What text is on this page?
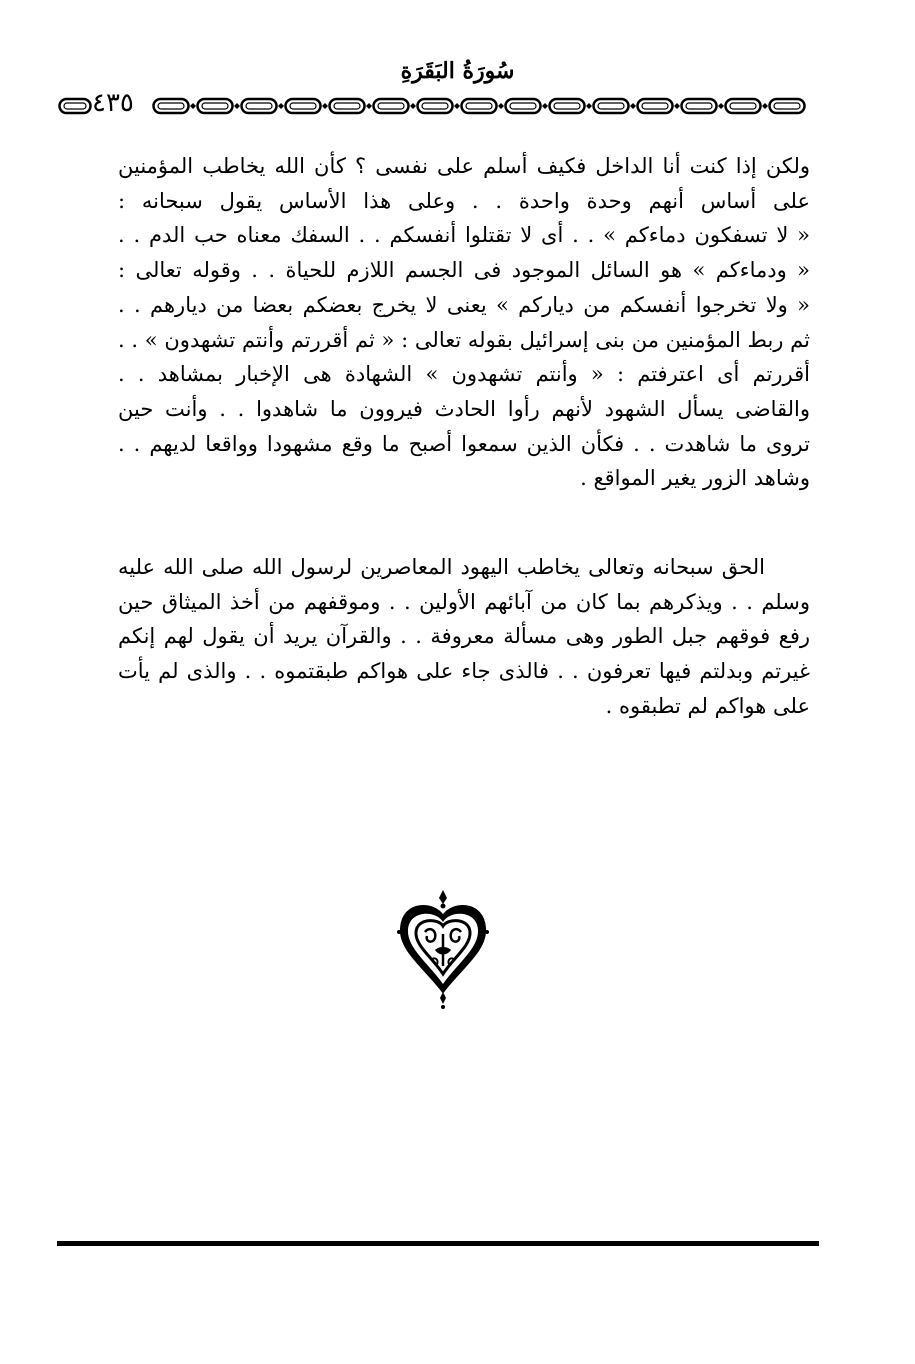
سُورَةُ البَقَرَةِ
٤٣٥
ولكن إذا كنت أنا الداخل فكيف أسلم على نفسى ؟ كأن الله يخاطب المؤمنين
على أساس أنهم وحدة واحدة . . وعلى هذا الأساس يقول سبحانه :
« لا تسفكون دماءكم » . . أى لا تقتلوا أنفسكم . . السفك معناه حب الدم . .
« ودماءكم » هو السائل الموجود فى الجسم اللازم للحياة . . وقوله تعالى :
« ولا تخرجوا أنفسكم من دياركم » يعنى لا يخرج بعضكم بعضا من ديارهم . .
ثم ربط المؤمنين من بنى إسرائيل بقوله تعالى : « ثم أقررتم وأنتم تشهدون » . .
أقررتم أى اعترفتم : « وأنتم تشهدون » الشهادة هى الإخبار بمشاهد . .
والقاضى يسأل الشهود لأنهم رأوا الحادث فيروون ما شاهدوا . . وأنت حين
تروى ما شاهدت . . فكأن الذين سمعوا أصبح ما وقع مشهودا وواقعا لديهم . .
وشاهد الزور يغير المواقع .
الحق سبحانه وتعالى يخاطب اليهود المعاصرين لرسول الله صلى الله عليه
وسلم . . ويذكرهم بما كان من آبائهم الأولين . . وموقفهم من أخذ الميثاق حين
رفع فوقهم جبل الطور وهى مسألة معروفة . . والقرآن يريد أن يقول لهم إنكم
غيرتم وبدلتم فيها تعرفون . . فالذى جاء على هواكم طبقتموه . . والذى لم يأت
على هواكم لم تطبقوه .
